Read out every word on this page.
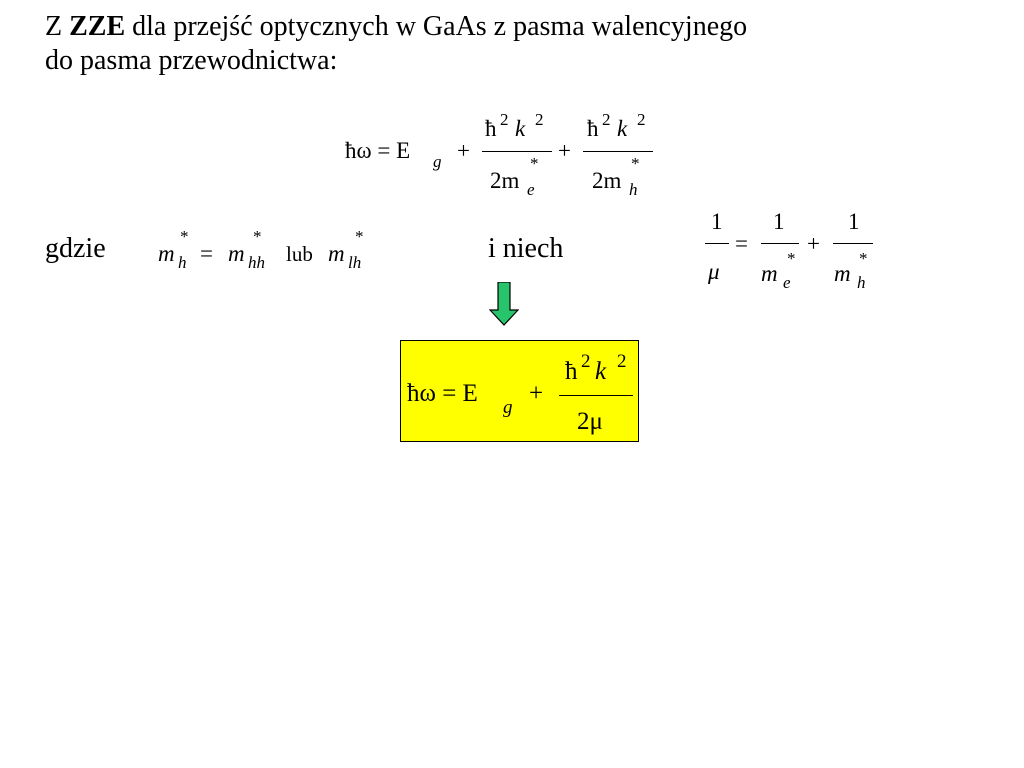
Z ZZE dla przejść optycznych w GaAs z pasma walencyjnego
do pasma przewodnictwa:
ħω = E g +
ħ 2 k 2
2m e
*
+
ħ 2 k 2
2m h
*
gdzie m
*
h = m
*
hh lub m
*
lh	i niech
1
μ
=
1
m
*
e
+
1
m
*
h
ħω = E
g
+
ħ 2 k 2
2μ
